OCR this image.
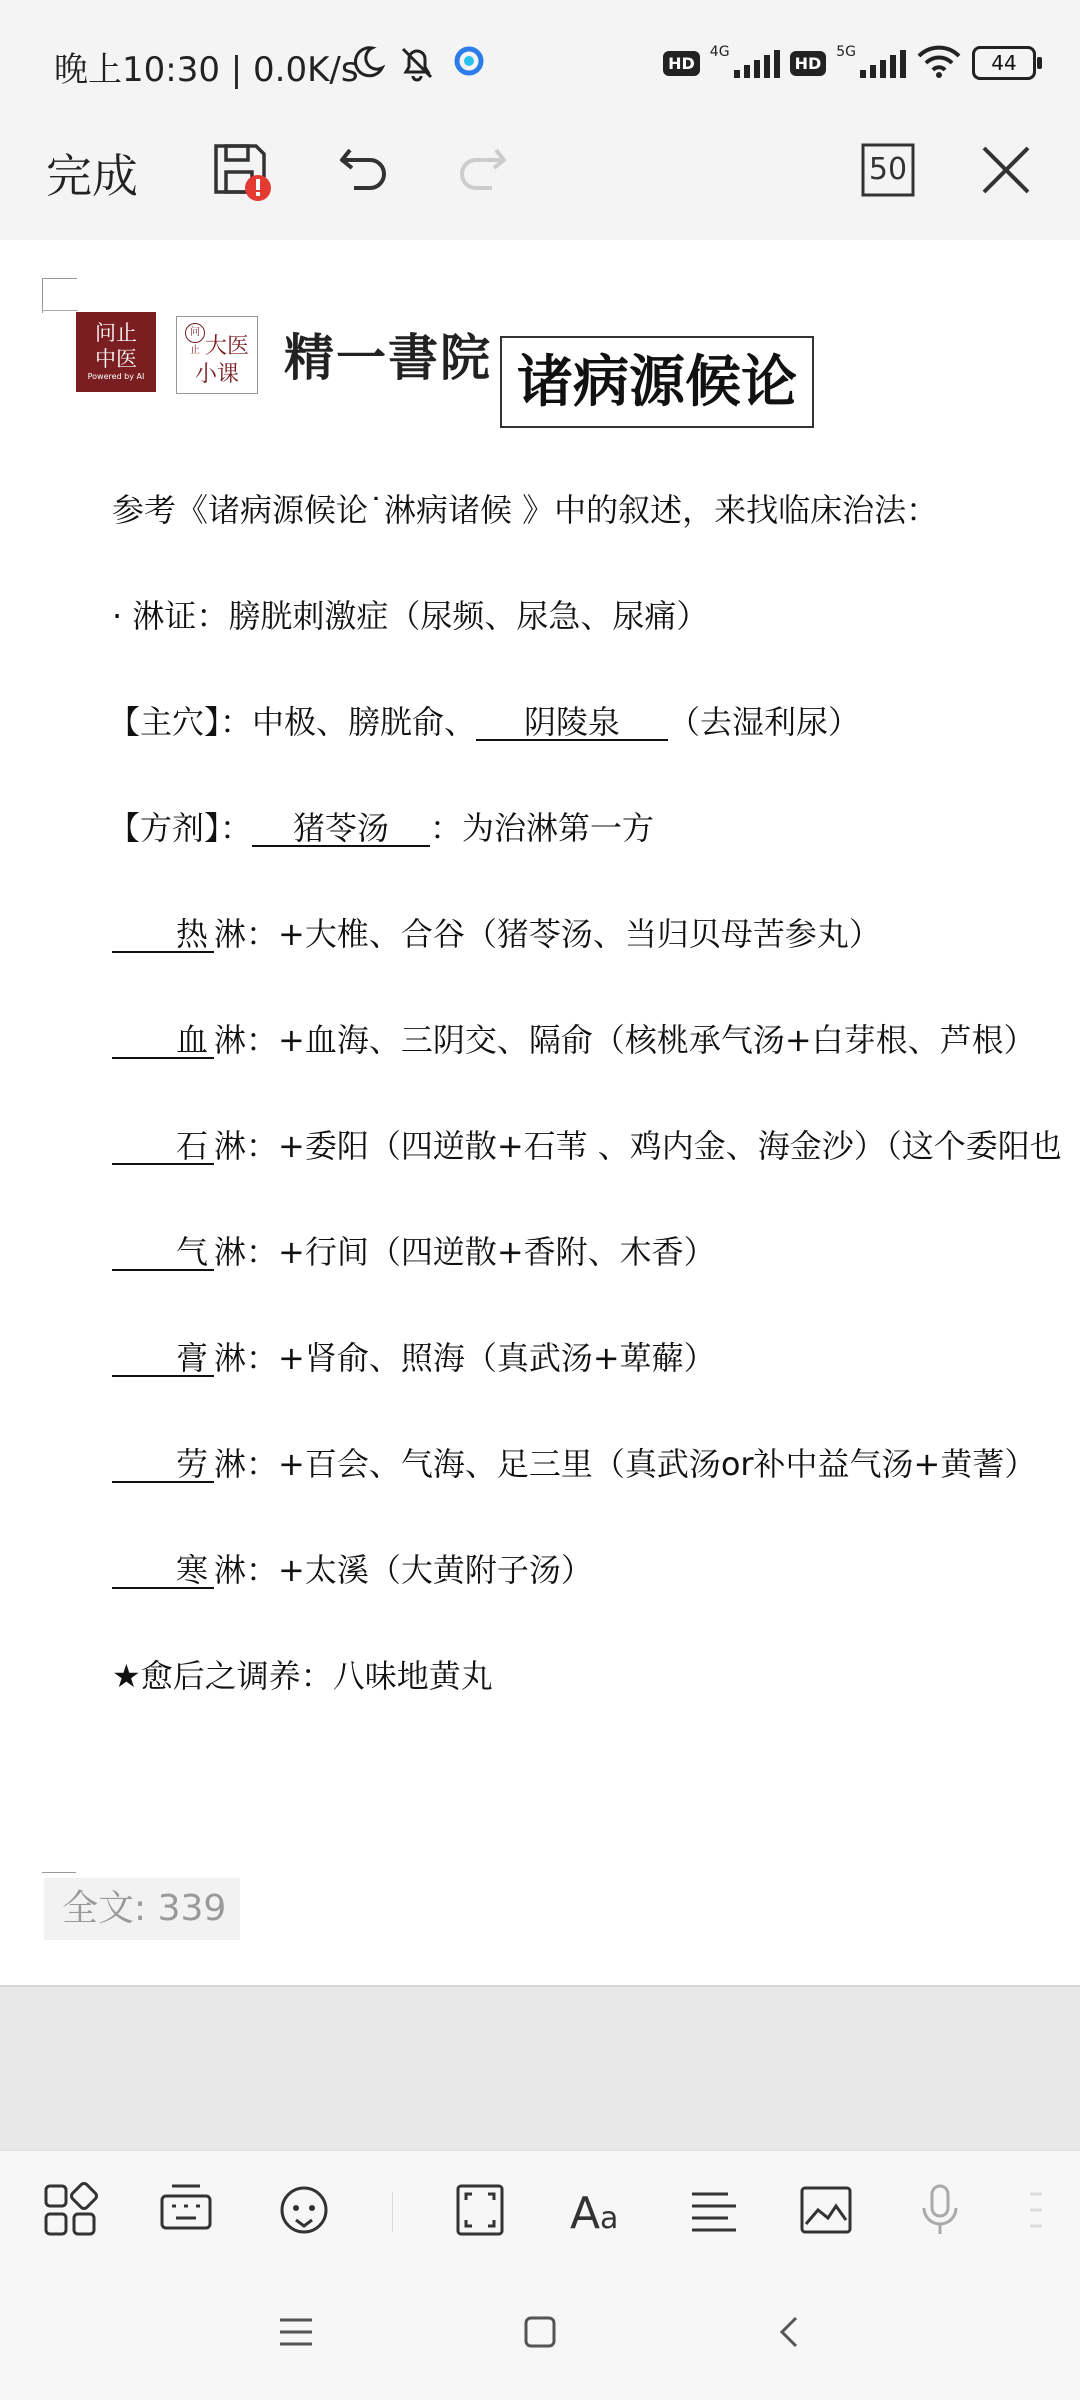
晚上10:30 | 0.0K/s	HD
4G
HD
5G	44
完成	50
问止
中医
Powered by AI
问止 大医
小课 精一書院 诸病源候论
参考《诸病源候论˙淋病诸候 》中的叙述，来找临床治法：
· 淋证：膀胱刺激症（尿频、尿急、尿痛）
【主穴】：中极、膀胱俞、 阴陵泉 （去湿利尿）
【方剂】： 猪苓汤 ：为治淋第一方
热 淋：+大椎、合谷（猪苓汤、当归贝母苦参丸）
血 淋：+血海、三阴交、隔俞（核桃承气汤+白芽根、芦根）
石 淋：+委阳（四逆散+石苇 、鸡内金、海金沙）（这个委阳也
气 淋：+行间（四逆散+香附、木香）
膏 淋：+肾俞、照海（真武汤+萆薢）
劳 淋：+百会、气海、足三里（真武汤or补中益气汤+黄蓍）
寒 淋：+太溪（大黄附子汤）
★愈后之调养：八味地黄丸
全文: 339
A a
